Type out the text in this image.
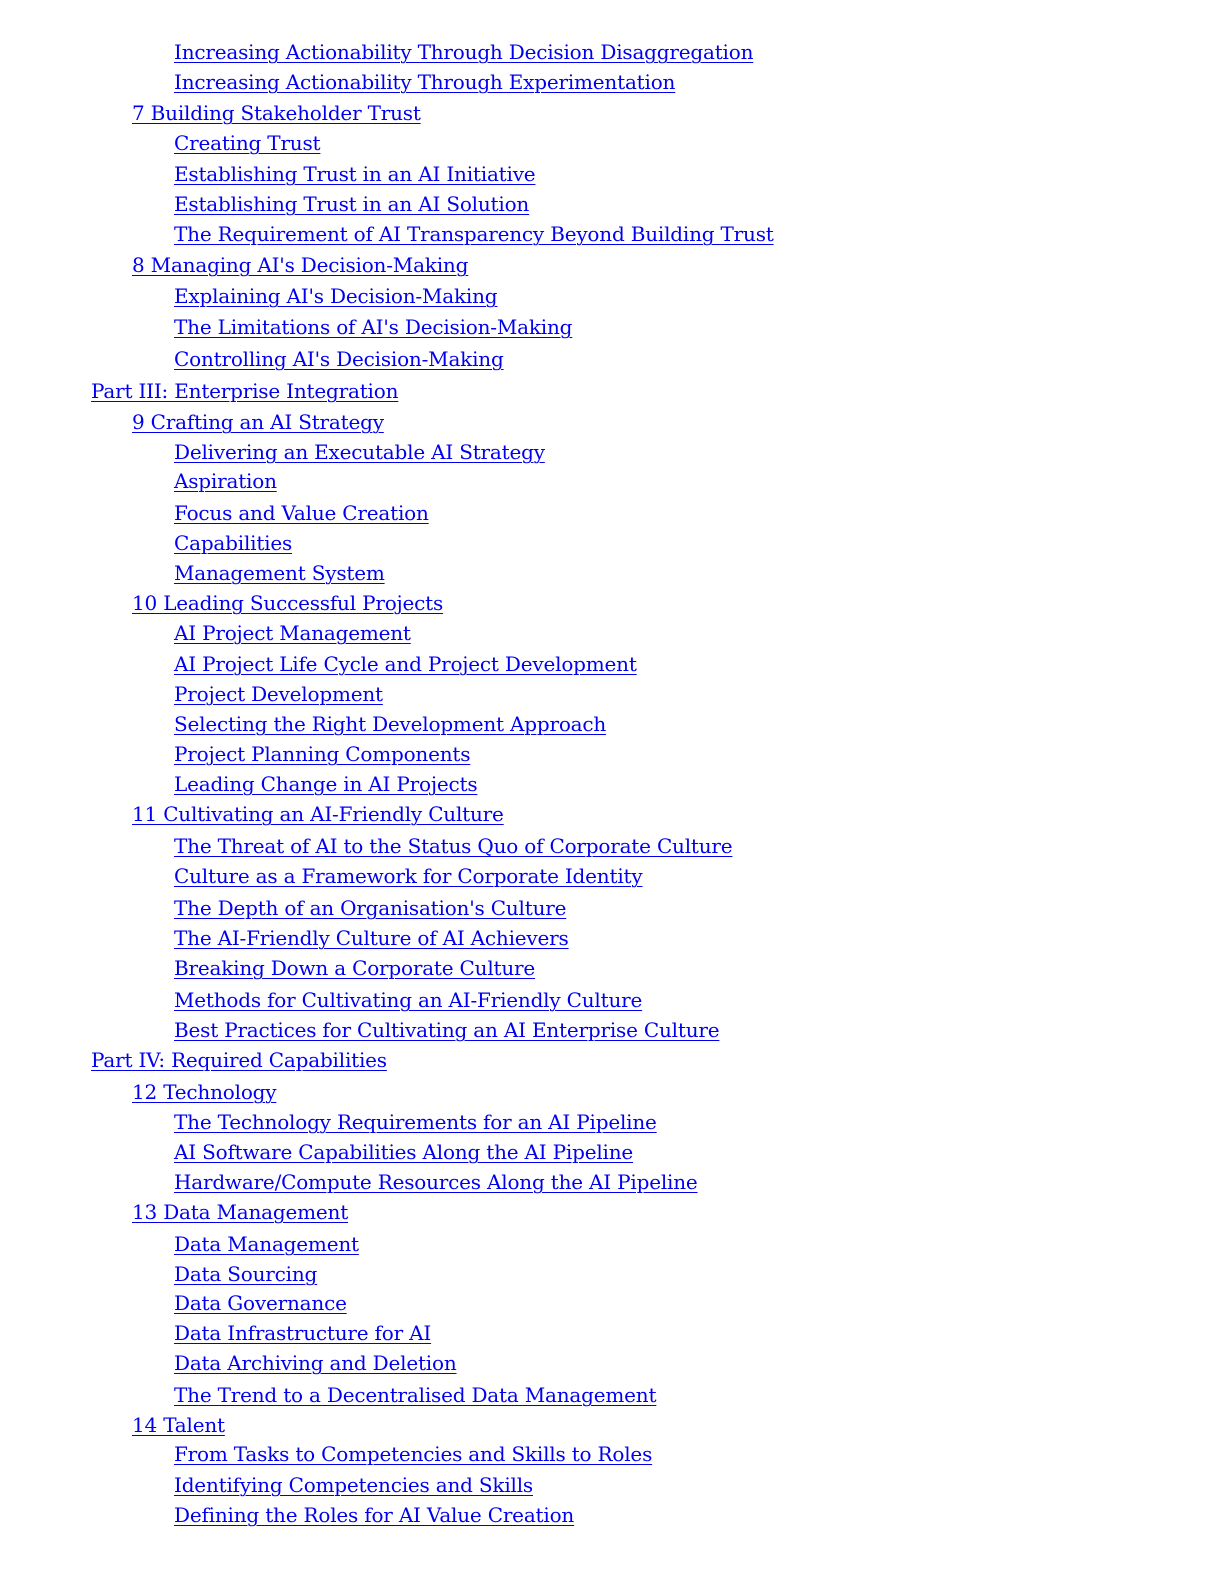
Increasing Actionability Through Decision Disaggregation
Increasing Actionability Through Experimentation
7 Building Stakeholder Trust
Creating Trust
Establishing Trust in an AI Initiative
Establishing Trust in an AI Solution
The Requirement of AI Transparency Beyond Building Trust
8 Managing AI's Decision-Making
Explaining AI's Decision-Making
The Limitations of AI's Decision-Making
Controlling AI's Decision-Making
Part III: Enterprise Integration
9 Crafting an AI Strategy
Delivering an Executable AI Strategy
Aspiration
Focus and Value Creation
Capabilities
Management System
10 Leading Successful Projects
AI Project Management
AI Project Life Cycle and Project Development
Project Development
Selecting the Right Development Approach
Project Planning Components
Leading Change in AI Projects
11 Cultivating an AI-Friendly Culture
The Threat of AI to the Status Quo of Corporate Culture
Culture as a Framework for Corporate Identity
The Depth of an Organisation's Culture
The AI-Friendly Culture of AI Achievers
Breaking Down a Corporate Culture
Methods for Cultivating an AI-Friendly Culture
Best Practices for Cultivating an AI Enterprise Culture
Part IV: Required Capabilities
12 Technology
The Technology Requirements for an AI Pipeline
AI Software Capabilities Along the AI Pipeline
Hardware/Compute Resources Along the AI Pipeline
13 Data Management
Data Management
Data Sourcing
Data Governance
Data Infrastructure for AI
Data Archiving and Deletion
The Trend to a Decentralised Data Management
14 Talent
From Tasks to Competencies and Skills to Roles
Identifying Competencies and Skills
Defining the Roles for AI Value Creation
